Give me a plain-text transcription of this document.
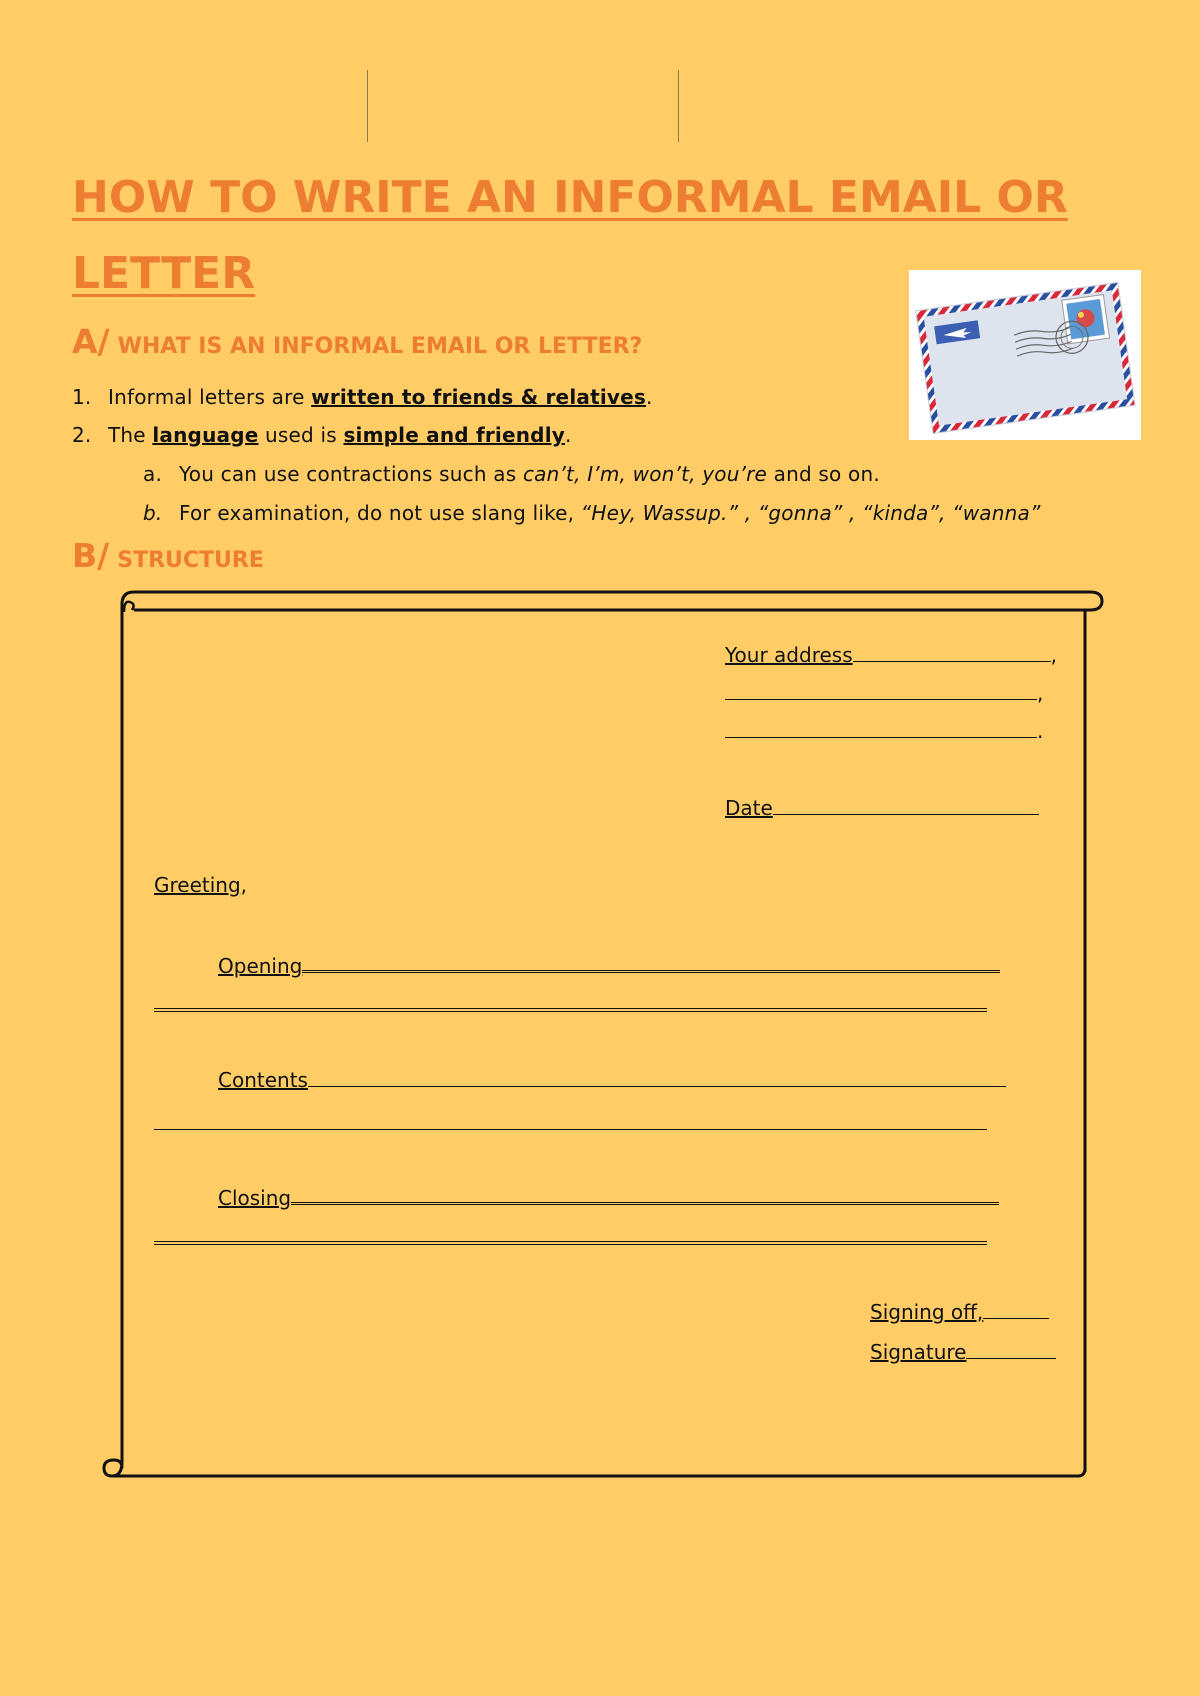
HOW TO WRITE AN INFORMAL EMAIL OR LETTER
A/ WHAT IS AN INFORMAL EMAIL OR LETTER?
1. Informal letters are written to friends & relatives.
2. The language used is simple and friendly.
a. You can use contractions such as can’t, I’m, won’t, you’re and so on.
b. For examination, do not use slang like, “Hey, Wassup.” , “gonna” , “kinda”, “wanna”
B/ STRUCTURE
Your address	,
,
.
Date
Greeting,
Opening
Contents
Closing
Signing off,
Signature
